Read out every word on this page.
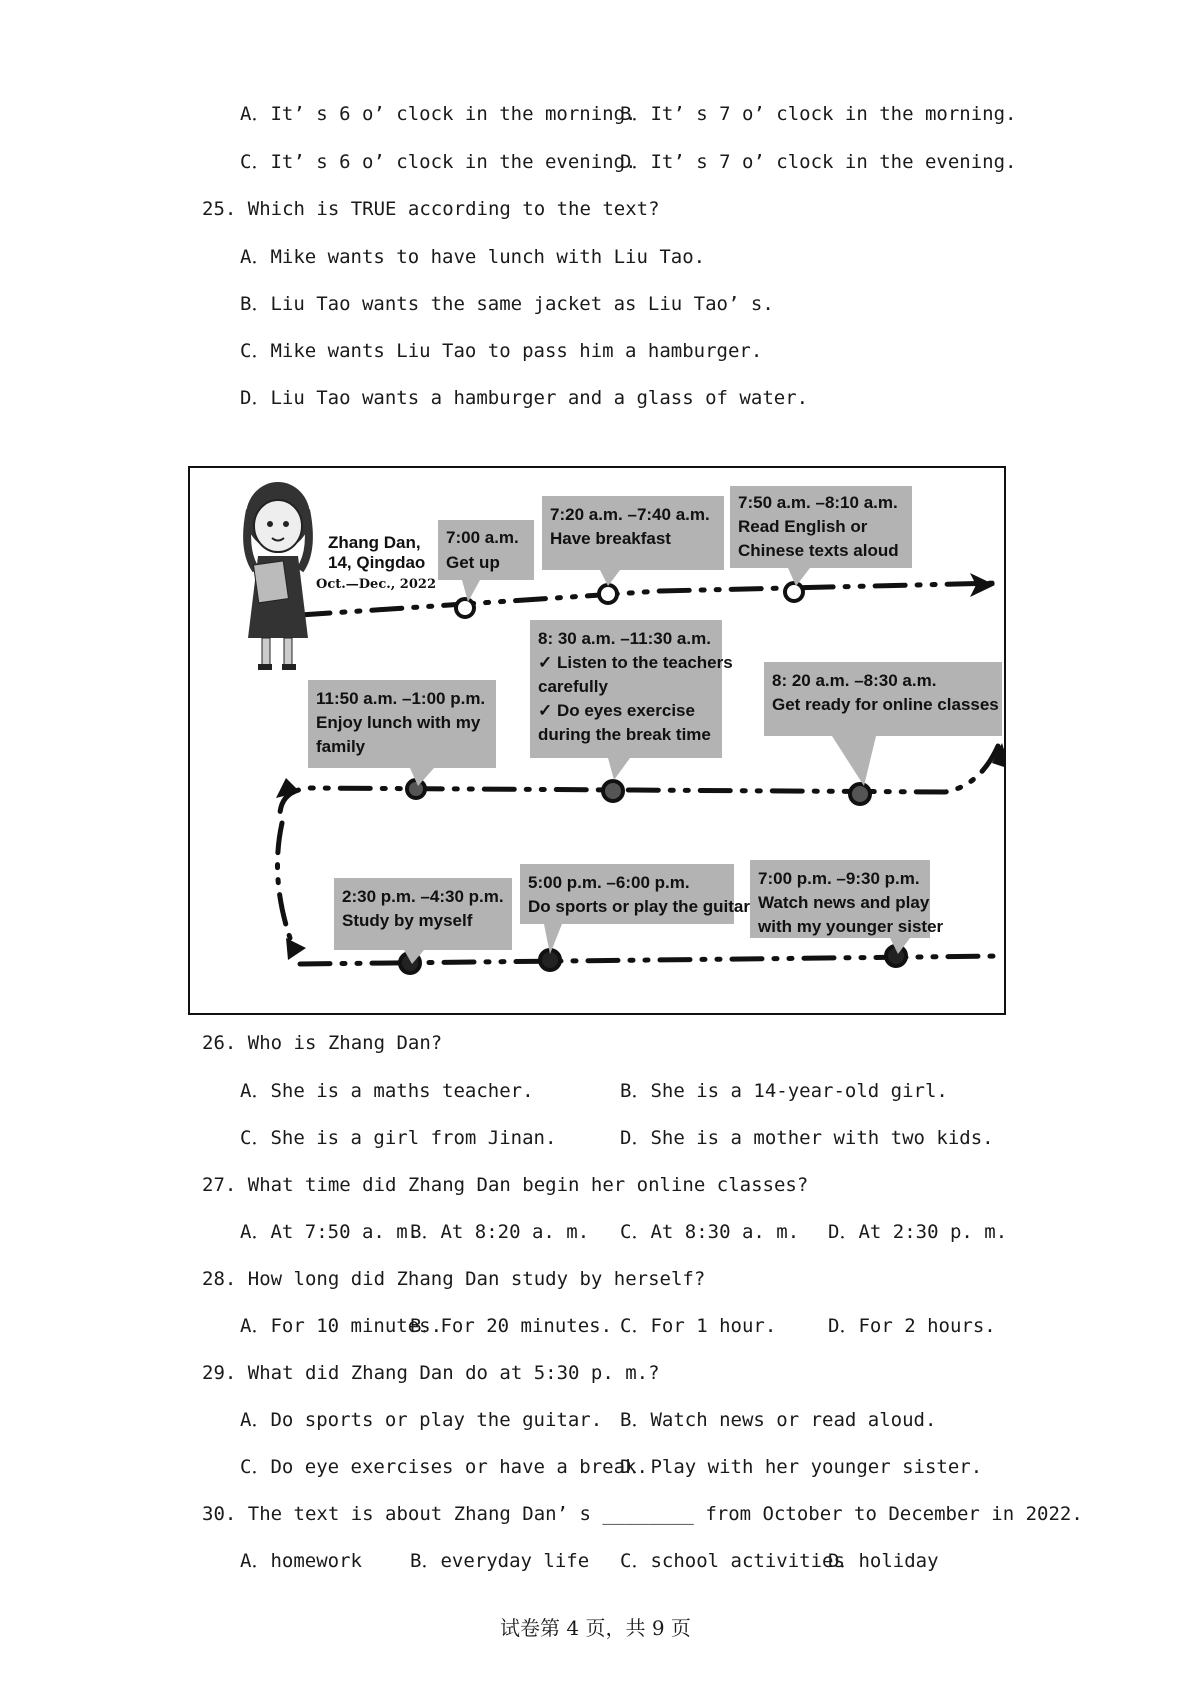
A．It’ s 6 o’ clock in the morning.
B．It’ s 7 o’ clock in the morning.
C．It’ s 6 o’ clock in the evening.
D．It’ s 7 o’ clock in the evening.
25. Which is TRUE according to the text?
A．Mike wants to have lunch with Liu Tao.
B．Liu Tao wants the same jacket as Liu Tao’ s.
C．Mike wants Liu Tao to pass him a hamburger.
D．Liu Tao wants a hamburger and a glass of water.
Zhang Dan,
14, Qingdao
Oct.—Dec., 2022
7:00 a.m.
Get up
7:20 a.m. –7:40 a.m.
Have breakfast
7:50 a.m. –8:10 a.m.
Read English or
Chinese texts aloud
8: 30 a.m. –11:30 a.m.
✓ Listen to the teachers
carefully
✓ Do eyes exercise
during the break time
8: 20 a.m. –8:30 a.m.
Get ready for online classes
11:50 a.m. –1:00 p.m.
Enjoy lunch with my
family
2:30 p.m. –4:30 p.m.
Study by myself
5:00 p.m. –6:00 p.m.
Do sports or play the guitar
7:00 p.m. –9:30 p.m.
Watch news and play
with my younger sister
26. Who is Zhang Dan?
A．She is a maths teacher.	B．She is a 14-year-old girl.
C．She is a girl from Jinan.	D．She is a mother with two kids.
27. What time did Zhang Dan begin her online classes?
A．At 7:50 a. m.
B．At 8:20 a. m. C．At 8:30 a. m. D．At 2:30 p. m.
28. How long did Zhang Dan study by herself?
A．For 10 minutes.
B．For 20 minutes. C．For 1 hour.	D．For 2 hours.
29. What did Zhang Dan do at 5:30 p. m.?
A．Do sports or play the guitar. B．Watch news or read aloud.
C．Do eye exercises or have a break.
D．Play with her younger sister.
30. The text is about Zhang Dan’ s ________ from October to December in 2022.
A．homework	B．everyday life C．school activities
D．holiday
试卷第 4 页，共 9 页
